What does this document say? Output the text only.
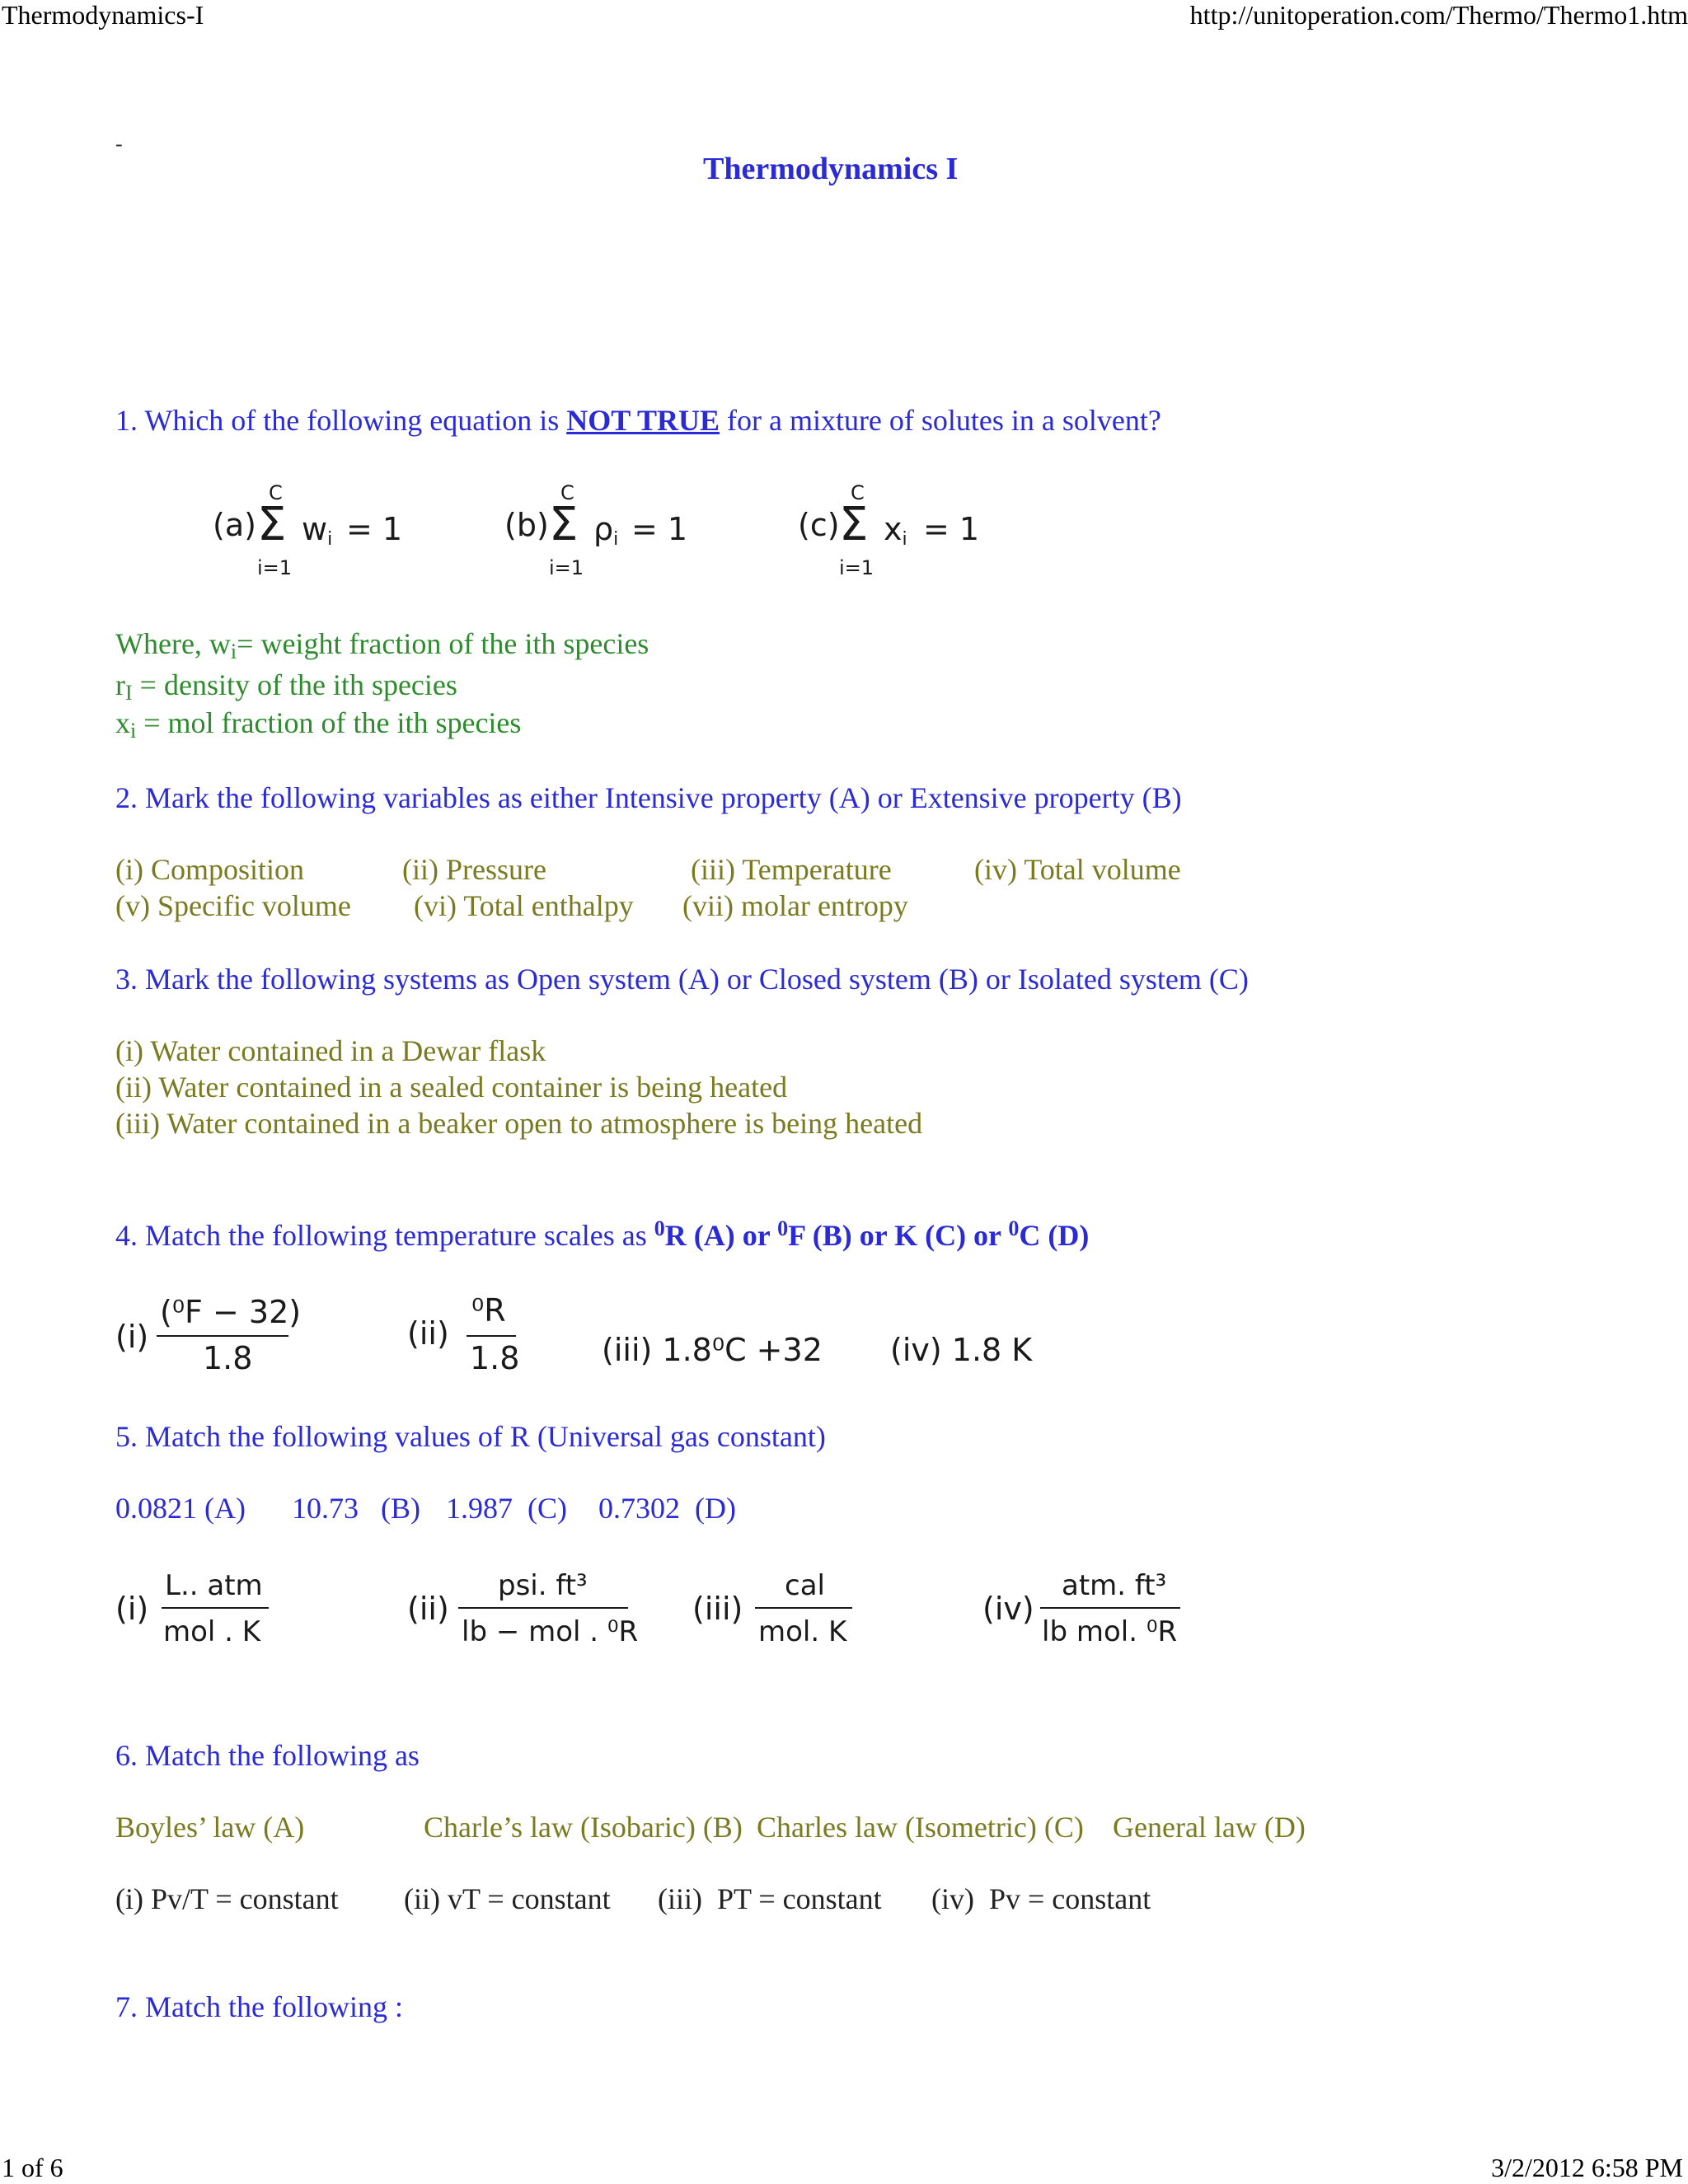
Thermodynamics-I	http://unitoperation.com/Thermo/Thermo1.htm
-
Thermodynamics I
1. Which of the following equation is NOT TRUE for a mixture of solutes in a solvent?
(a)
C
Σ $w_i = 1$
i=1
(b)
C
Σ $\rho_i = 1$
i=1
(c)
C
Σ $x_i = 1$
i=1
Where, $w_i=$ weight fraction of the ith species
$r_I$ = density of the ith species
$x_i$ = mol fraction of the ith species
2. Mark the following variables as either Intensive property (A) or Extensive property (B)
(i) Composition	(ii) Pressure	(iii) Temperature	(iv) Total volume
(v) Specific volume (vi) Total enthalpy (vii) molar entropy
3. Mark the following systems as Open system (A) or Closed system (B) or Isolated system (C)
(i) Water contained in a Dewar flask
(ii) Water contained in a sealed container is being heated
(iii) Water contained in a beaker open to atmosphere is being heated
4. Match the following temperature scales as $^0$R (A) or $^0$F (B) or K (C) or $^0$C (D)
(i)
(⁰F − 32)
1.8
(ii)
⁰R
1.8	(iii) 1.8⁰C +32 (iv) 1.8 K
5. Match the following values of R (Universal gas constant)
0.0821 (A) 10.73   (B) 1.987  (C) 0.7302  (D)
(i)
L.. atm
mol . K
(ii)
psi. ft³
lb − mol . ⁰R
(iii)
cal
mol. K
(iv)
atm. ft³
lb mol. ⁰R
6. Match the following as
Boyles’ law (A)	Charle’s law (Isobaric) (B) Charles law (Isometric) (C) General law (D)
(i) Pv/T = constant (ii) vT = constant (iii)  PT = constant (iv)  Pv = constant
7. Match the following :
1 of 6	3/2/2012 6:58 PM
